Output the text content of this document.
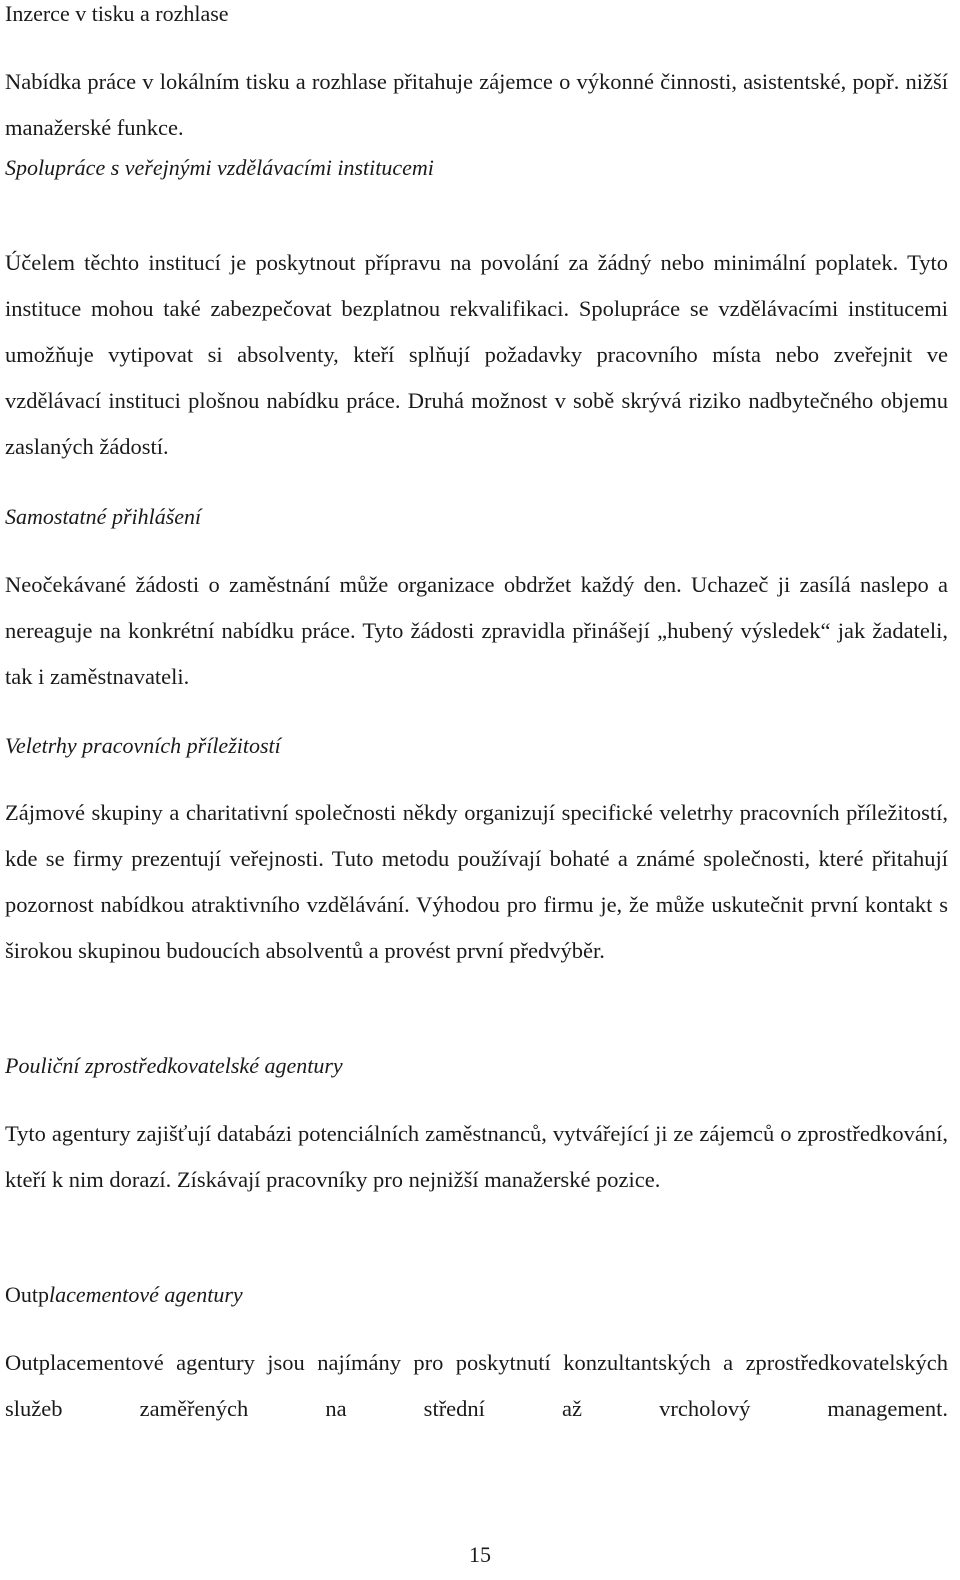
Inzerce v tisku a rozhlase

Nabídka práce v lokálním tisku a rozhlase přitahuje zájemce o výkonné činnosti, asistentské, popř. nižší manažerské funkce.

Spolupráce s veřejnými vzdělávacími institucemi

Účelem těchto institucí je poskytnout přípravu na povolání za žádný nebo minimální poplatek. Tyto instituce mohou také zabezpečovat bezplatnou rekvalifikaci. Spolupráce se vzdělávacími institucemi umožňuje vytipovat si absolventy, kteří splňují požadavky pracovního místa nebo zveřejnit ve vzdělávací instituci plošnou nabídku práce. Druhá možnost v sobě skrývá riziko nadbytečného objemu zaslaných žádostí.

Samostatné přihlášení

Neočekávané žádosti o zaměstnání může organizace obdržet každý den. Uchazeč ji zasílá naslepo a nereaguje na konkrétní nabídku práce. Tyto žádosti zpravidla přinášejí „hubený výsledek“ jak žadateli, tak i zaměstnavateli.

Veletrhy pracovních příležitostí

Zájmové skupiny a charitativní společnosti někdy organizují specifické veletrhy pracovních příležitostí, kde se firmy prezentují veřejnosti. Tuto metodu používají bohaté a známé společnosti, které přitahují pozornost nabídkou atraktivního vzdělávání. Výhodou pro firmu je, že může uskutečnit první kontakt s širokou skupinou budoucích absolventů a provést první předvýběr.

Pouliční zprostředkovatelské agentury

Tyto agentury zajišťují databázi potenciálních zaměstnanců, vytvářející ji ze zájemců o zprostředkování, kteří k nim dorazí. Získávají pracovníky pro nejnižší manažerské pozice.

Outplacementové agentury

Outplacementové agentury jsou najímány pro poskytnutí konzultantských a zprostředkovatelských služeb zaměřených na střední až vrcholový management.

15
